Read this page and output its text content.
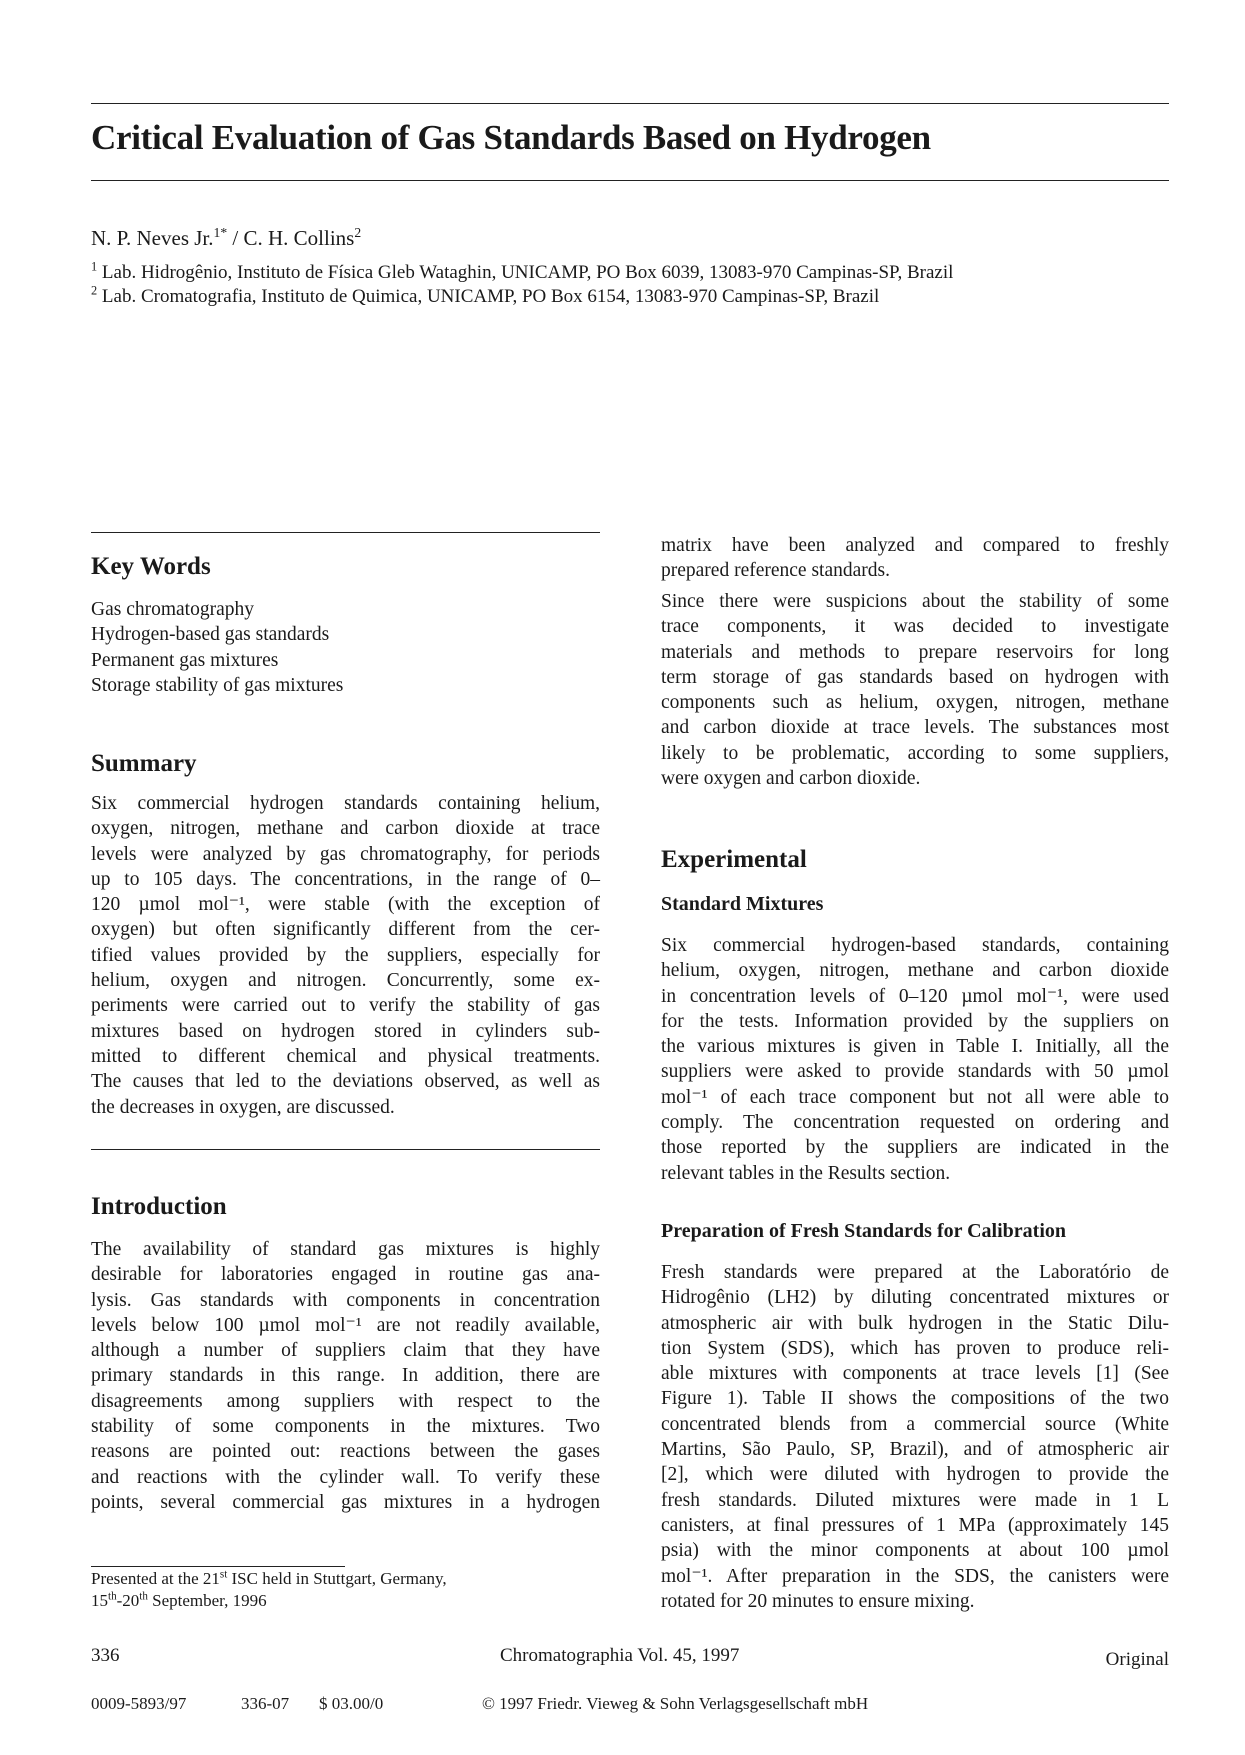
Critical Evaluation of Gas Standards Based on Hydrogen
N. P. Neves Jr.$^{1*}$ / C. H. Collins$^2$
$^1$ Lab. Hidrogênio, Instituto de Física Gleb Wataghin, UNICAMP, PO Box 6039, 13083-970 Campinas-SP, Brazil
$^2$ Lab. Cromatografia, Instituto de Quimica, UNICAMP, PO Box 6154, 13083-970 Campinas-SP, Brazil
Key Words
Gas chromatography
Hydrogen-based gas standards
Permanent gas mixtures
Storage stability of gas mixtures
Summary
Six commercial hydrogen standards containing helium,
oxygen, nitrogen, methane and carbon dioxide at trace
levels were analyzed by gas chromatography, for periods
up to 105 days. The concentrations, in the range of 0–
120 µmol mol⁻¹, were stable (with the exception of
oxygen) but often significantly different from the cer-
tified values provided by the suppliers, especially for
helium, oxygen and nitrogen. Concurrently, some ex-
periments were carried out to verify the stability of gas
mixtures based on hydrogen stored in cylinders sub-
mitted to different chemical and physical treatments.
The causes that led to the deviations observed, as well as
the decreases in oxygen, are discussed.
Introduction
The availability of standard gas mixtures is highly
desirable for laboratories engaged in routine gas ana-
lysis. Gas standards with components in concentration
levels below 100 µmol mol⁻¹ are not readily available,
although a number of suppliers claim that they have
primary standards in this range. In addition, there are
disagreements among suppliers with respect to the
stability of some components in the mixtures. Two
reasons are pointed out: reactions between the gases
and reactions with the cylinder wall. To verify these
points, several commercial gas mixtures in a hydrogen
Presented at the 21st ISC held in Stuttgart, Germany,
15th-20th September, 1996
matrix have been analyzed and compared to freshly
prepared reference standards.
Since there were suspicions about the stability of some
trace components, it was decided to investigate
materials and methods to prepare reservoirs for long
term storage of gas standards based on hydrogen with
components such as helium, oxygen, nitrogen, methane
and carbon dioxide at trace levels. The substances most
likely to be problematic, according to some suppliers,
were oxygen and carbon dioxide.
Experimental
Standard Mixtures
Six commercial hydrogen-based standards, containing
helium, oxygen, nitrogen, methane and carbon dioxide
in concentration levels of 0–120 µmol mol⁻¹, were used
for the tests. Information provided by the suppliers on
the various mixtures is given in Table I. Initially, all the
suppliers were asked to provide standards with 50 µmol
mol⁻¹ of each trace component but not all were able to
comply. The concentration requested on ordering and
those reported by the suppliers are indicated in the
relevant tables in the Results section.
Preparation of Fresh Standards for Calibration
Fresh standards were prepared at the Laboratório de
Hidrogênio (LH2) by diluting concentrated mixtures or
atmospheric air with bulk hydrogen in the Static Dilu-
tion System (SDS), which has proven to produce reli-
able mixtures with components at trace levels [1] (See
Figure 1). Table II shows the compositions of the two
concentrated blends from a commercial source (White
Martins, São Paulo, SP, Brazil), and of atmospheric air
[2], which were diluted with hydrogen to provide the
fresh standards. Diluted mixtures were made in 1 L
canisters, at final pressures of 1 MPa (approximately 145
psia) with the minor components at about 100 µmol
mol⁻¹. After preparation in the SDS, the canisters were
rotated for 20 minutes to ensure mixing.
336	Chromatographia Vol. 45, 1997	Original
0009-5893/97	336-07 $ 03.00/0	© 1997 Friedr. Vieweg & Sohn Verlagsgesellschaft mbH
